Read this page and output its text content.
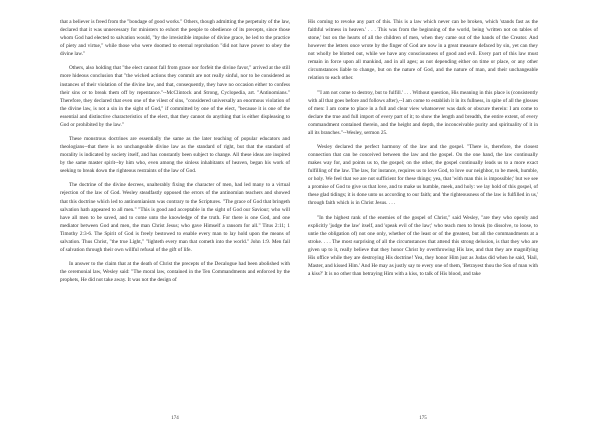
that a believer is freed from the "bondage of good works." Others, though admitting the perpetuity of the law, declared that it was unnecessary for ministers to exhort the people to obedience of its precepts, since those whom God had elected to salvation would, "by the irresistible impulse of divine grace, be led to the practice of piety and virtue," while those who were doomed to eternal reprobation "did not have power to obey the divine law."

Others, also holding that "the elect cannot fall from grace nor forfeit the divine favor," arrived at the still more hideous conclusion that "the wicked actions they commit are not really sinful, nor to be considered as instances of their violation of the divine law, and that, consequently, they have no occasion either to confess their sins or to break them off by repentance."--McClintock and Strong, Cyclopedia, art. "Antinomians." Therefore, they declared that even one of the vilest of sins, "considered universally an enormous violation of the divine law, is not a sin in the sight of God," if committed by one of the elect, "because it is one of the essential and distinctive characteristics of the elect, that they cannot do anything that is either displeasing to God or prohibited by the law."

These monstrous doctrines are essentially the same as the later teaching of popular educators and theologians--that there is no unchangeable divine law as the standard of right, but that the standard of morality is indicated by society itself, and has constantly been subject to change. All these ideas are inspired by the same master spirit--by him who, even among the sinless inhabitants of heaven, began his work of seeking to break down the righteous restraints of the law of God.

The doctrine of the divine decrees, unalterably fixing the character of men, had led many to a virtual rejection of the law of God. Wesley steadfastly opposed the errors of the antinomian teachers and showed that this doctrine which led to antinomianism was contrary to the Scriptures. "The grace of God that bringeth salvation hath appeared to all men." "This is good and acceptable in the sight of God our Saviour; who will have all men to be saved, and to come unto the knowledge of the truth. For there is one God, and one mediator between God and men, the man Christ Jesus; who gave Himself a ransom for all." Titus 2:11; 1 Timothy 2:3-6. The Spirit of God is freely bestowed to enable every man to lay hold upon the means of salvation. Thus Christ, "the true Light," "lighteth every man that cometh into the world." John 1:9. Men fail of salvation through their own willful refusal of the gift of life.

In answer to the claim that at the death of Christ the precepts of the Decalogue had been abolished with the ceremonial law, Wesley said: "The moral law, contained in the Ten Commandments and enforced by the prophets, He did not take away. It was not the design of

174

His coming to revoke any part of this. This is a law which never can be broken, which 'stands fast as the faithful witness in heaven.' . . . This was from the beginning of the world, being 'written not on tables of stone,' but on the hearts of all the children of men, when they came out of the hands of the Creator. And however the letters once wrote by the finger of God are now in a great measure defaced by sin, yet can they not wholly be blotted out, while we have any consciousness of good and evil. Every part of this law must remain in force upon all mankind, and in all ages; as not depending either on time or place, or any other circumstances liable to change, but on the nature of God, and the nature of man, and their unchangeable relation to each other.

"'I am not come to destroy, but to fulfill.' . . . Without question, His meaning in this place is (consistently with all that goes before and follows after),--I am come to establish it in its fullness, in spite of all the glosses of men: I am come to place in a full and clear view whatsoever was dark or obscure therein: I am come to declare the true and full import of every part of it; to show the length and breadth, the entire extent, of every commandment contained therein, and the height and depth, the inconceivable purity and spirituality of it in all its branches."--Wesley, sermon 25.

Wesley declared the perfect harmony of the law and the gospel. "There is, therefore, the closest connection that can be conceived between the law and the gospel. On the one hand, the law continually makes way for, and points us to, the gospel; on the other, the gospel continually leads us to a more exact fulfilling of the law. The law, for instance, requires us to love God, to love our neighbor, to be meek, humble, or holy. We feel that we are not sufficient for these things; yea, that 'with man this is impossible;' but we see a promise of God to give us that love, and to make us humble, meek, and holy: we lay hold of this gospel, of these glad tidings; it is done unto us according to our faith; and 'the righteousness of the law is fulfilled in us,' through faith which is in Christ Jesus. . . .

"In the highest rank of the enemies of the gospel of Christ," said Wesley, "are they who openly and explicitly 'judge the law' itself, and 'speak evil of the law;' who teach men to break (to dissolve, to loose, to untie the obligation of) not one only, whether of the least or of the greatest, but all the commandments at a stroke. . . . The most surprising of all the circumstances that attend this strong delusion, is that they who are given up to it, really believe that they honor Christ by overthrowing His law, and that they are magnifying His office while they are destroying His doctrine! Yea, they honor Him just as Judas did when he said, 'Hail, Master, and kissed Him.' And He may as justly say to every one of them, 'Betrayest thou the Son of man with a kiss?' It is no other than betraying Him with a kiss, to talk of His blood, and take

175
